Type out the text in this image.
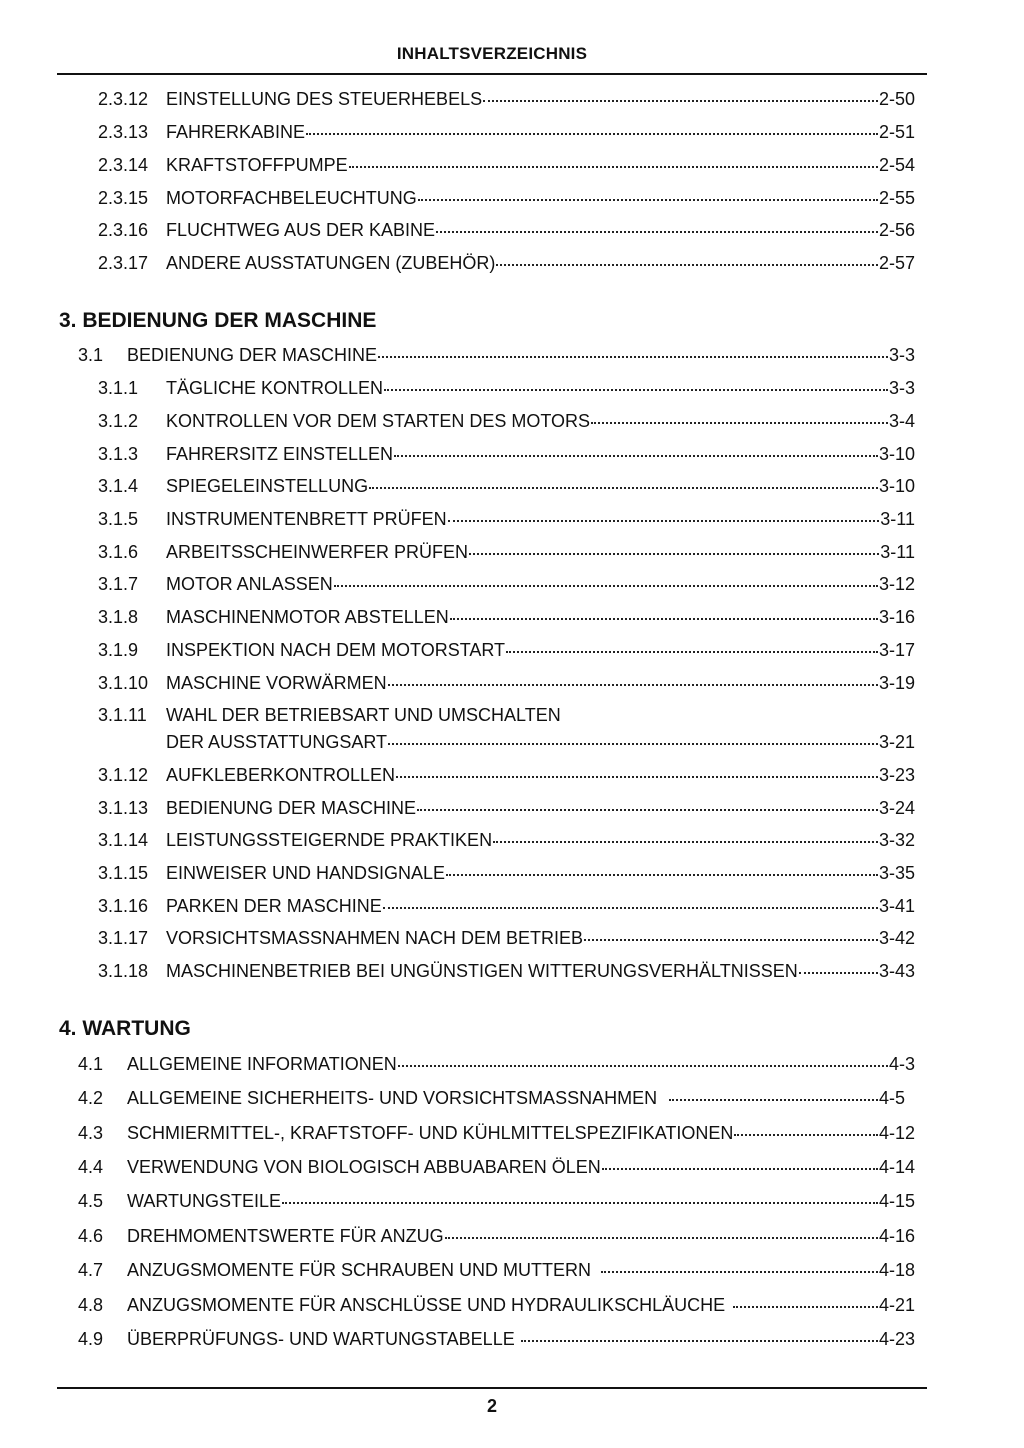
INHALTSVERZEICHNIS
2.3.12 EINSTELLUNG DES STEUERHEBELS	2-50
2.3.13 FAHRERKABINE	2-51
2.3.14 KRAFTSTOFFPUMPE	2-54
2.3.15 MOTORFACHBELEUCHTUNG	2-55
2.3.16 FLUCHTWEG AUS DER KABINE	2-56
2.3.17 ANDERE AUSSTATUNGEN (ZUBEHÖR)	2-57
3. BEDIENUNG DER MASCHINE
3.1	BEDIENUNG DER MASCHINE	3-3
3.1.1	TÄGLICHE KONTROLLEN	3-3
3.1.2	KONTROLLEN VOR DEM STARTEN DES MOTORS	3-4
3.1.3	FAHRERSITZ EINSTELLEN	3-10
3.1.4	SPIEGELEINSTELLUNG	3-10
3.1.5	INSTRUMENTENBRETT PRÜFEN	3-11
3.1.6	ARBEITSSCHEINWERFER PRÜFEN	3-11
3.1.7	MOTOR ANLASSEN	3-12
3.1.8	MASCHINENMOTOR ABSTELLEN	3-16
3.1.9	INSPEKTION NACH DEM MOTORSTART	3-17
3.1.10 MASCHINE VORWÄRMEN	3-19
3.1.11	WAHL DER BETRIEBSART UND UMSCHALTEN
DER AUSSTATTUNGSART	3-21
3.1.12 AUFKLEBERKONTROLLEN	3-23
3.1.13 BEDIENUNG DER MASCHINE	3-24
3.1.14 LEISTUNGSSTEIGERNDE PRAKTIKEN	3-32
3.1.15 EINWEISER UND HANDSIGNALE	3-35
3.1.16 PARKEN DER MASCHINE	3-41
3.1.17 VORSICHTSMASSNAHMEN NACH DEM BETRIEB	3-42
3.1.18 MASCHINENBETRIEB BEI UNGÜNSTIGEN WITTERUNGSVERHÄLTNISSEN	3-43
4. WARTUNG
4.1	ALLGEMEINE INFORMATIONEN	4-3
4.2	ALLGEMEINE SICHERHEITS- UND VORSICHTSMASSNAHMEN	4-5
4.3	SCHMIERMITTEL-, KRAFTSTOFF- UND KÜHLMITTELSPEZIFIKATIONEN	4-12
4.4	VERWENDUNG VON BIOLOGISCH ABBUABAREN ÖLEN	4-14
4.5	WARTUNGSTEILE	4-15
4.6	DREHMOMENTSWERTE FÜR ANZUG	4-16
4.7	ANZUGSMOMENTE FÜR SCHRAUBEN UND MUTTERN	4-18
4.8	ANZUGSMOMENTE FÜR ANSCHLÜSSE UND HYDRAULIKSCHLÄUCHE	4-21
4.9	ÜBERPRÜFUNGS- UND WARTUNGSTABELLE	4-23
2
